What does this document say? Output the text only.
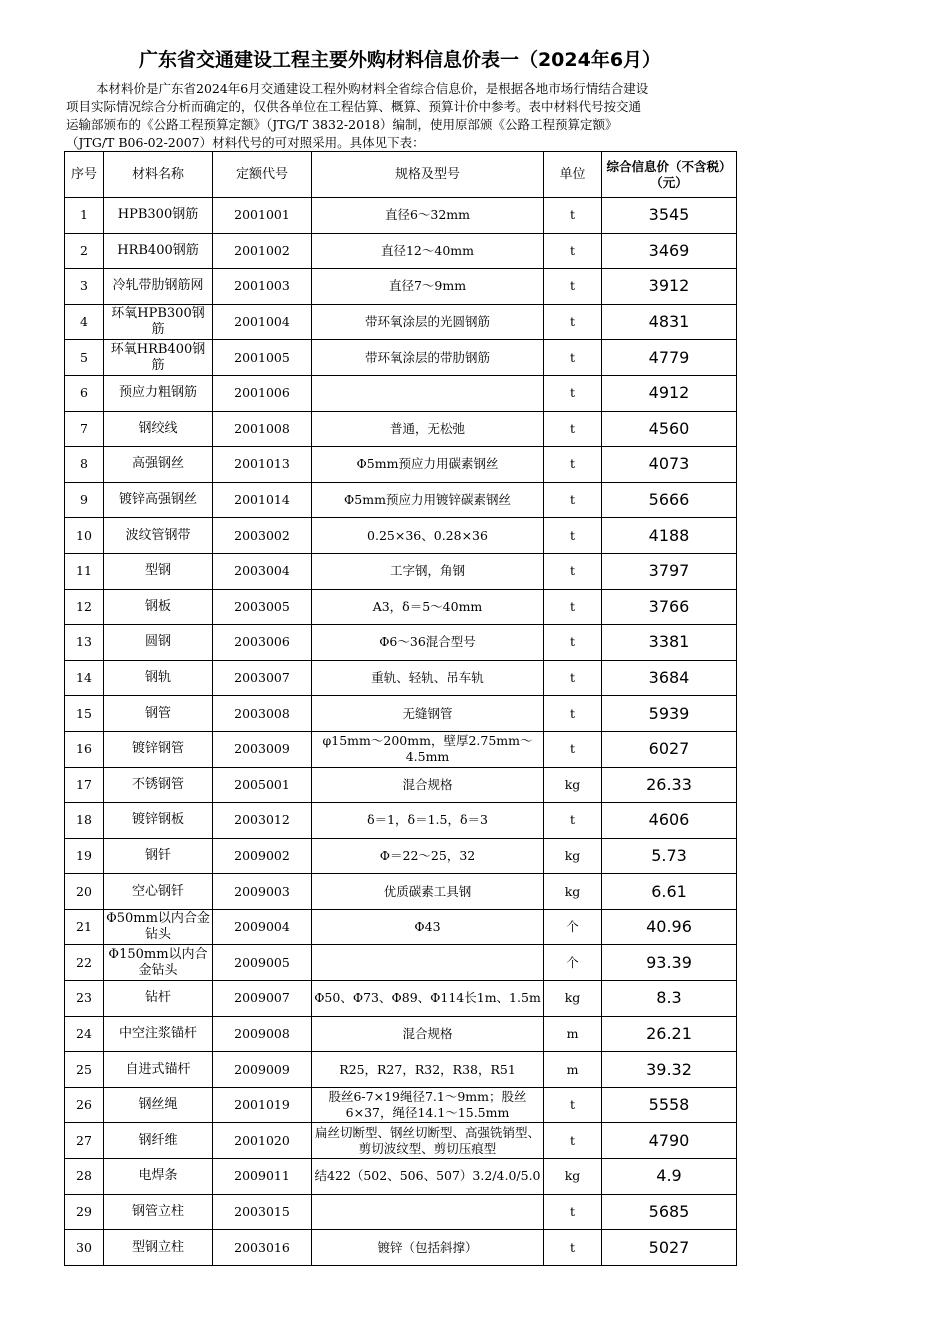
广东省交通建设工程主要外购材料信息价表一（2024年6月）
本材料价是广东省2024年6月交通建设工程外购材料全省综合信息价，是根据各地市场行情结合建设
项目实际情况综合分析而确定的，仅供各单位在工程估算、概算、预算计价中参考。表中材料代号按交通
运输部颁布的《公路工程预算定额》（JTG/T 3832-2018）编制，使用原部颁《公路工程预算定额》
（JTG/T B06-02-2007）材料代号的可对照采用。具体见下表：
序号	材料名称	定额代号	规格及型号	单位	综合信息价（不含税）（元）
1	HPB300钢筋	2001001	直径6～32mm	t	3545
2	HRB400钢筋	2001002	直径12～40mm	t	3469
3	冷轧带肋钢筋网	2001003	直径7～9mm	t	3912
4	环氧HPB300钢筋	2001004	带环氧涂层的光圆钢筋	t	4831
5	环氧HRB400钢筋	2001005	带环氧涂层的带肋钢筋	t	4779
6	预应力粗钢筋	2001006		t	4912
7	钢绞线	2001008	普通，无松弛	t	4560
8	高强钢丝	2001013	Φ5mm预应力用碳素钢丝	t	4073
9	镀锌高强钢丝	2001014	Φ5mm预应力用镀锌碳素钢丝	t	5666
10	波纹管钢带	2003002	0.25×36、0.28×36	t	4188
11	型钢	2003004	工字钢，角钢	t	3797
12	钢板	2003005	A3，δ＝5～40mm	t	3766
13	圆钢	2003006	Φ6～36混合型号	t	3381
14	钢轨	2003007	重轨、轻轨、吊车轨	t	3684
15	钢管	2003008	无缝钢管	t	5939
16	镀锌钢管	2003009	φ15mm～200mm，壁厚2.75mm～4.5mm	t	6027
17	不锈钢管	2005001	混合规格	kg	26.33
18	镀锌钢板	2003012	δ＝1，δ＝1.5，δ＝3	t	4606
19	钢钎	2009002	Φ＝22～25，32	kg	5.73
20	空心钢钎	2009003	优质碳素工具钢	kg	6.61
21	Φ50mm以内合金钻头	2009004	Φ43	个	40.96
22	Φ150mm以内合金钻头	2009005		个	93.39
23	钻杆	2009007	Φ50、Φ73、Φ89、Φ114长1m、1.5m	kg	8.3
24	中空注浆锚杆	2009008	混合规格	m	26.21
25	自进式锚杆	2009009	R25，R27，R32，R38，R51	m	39.32
26	钢丝绳	2001019	股丝6-7×19绳径7.1～9mm；股丝6×37，绳径14.1～15.5mm	t	5558
27	钢纤维	2001020	扁丝切断型、钢丝切断型、高强铣销型、剪切波纹型、剪切压痕型	t	4790
28	电焊条	2009011	结422（502、506、507）3.2/4.0/5.0	kg	4.9
29	钢管立柱	2003015		t	5685
30	型钢立柱	2003016	镀锌（包括斜撑）	t	5027
